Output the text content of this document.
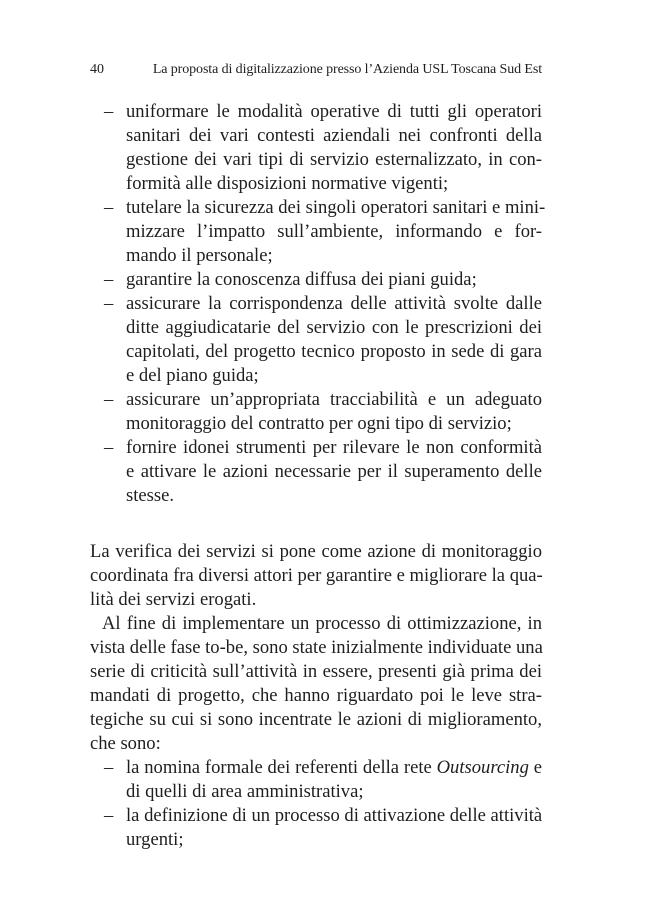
40	La proposta di digitalizzazione presso l’Azienda USL Toscana Sud Est
– uniformare le modalità operative di tutti gli operatori
sanitari dei vari contesti aziendali nei confronti della
gestione dei vari tipi di servizio esternalizzato, in con-
formità alle disposizioni normative vigenti;
– tutelare la sicurezza dei singoli operatori sanitari e mini-
mizzare l’impatto sull’ambiente, informando e for-
mando il personale;
– garantire la conoscenza diffusa dei piani guida;
– assicurare la corrispondenza delle attività svolte dalle
ditte aggiudicatarie del servizio con le prescrizioni dei
capitolati, del progetto tecnico proposto in sede di gara
e del piano guida;
– assicurare un’appropriata tracciabilità e un adeguato
monitoraggio del contratto per ogni tipo di servizio;
– fornire idonei strumenti per rilevare le non conformità
e attivare le azioni necessarie per il superamento delle
stesse.
La verifica dei servizi si pone come azione di monitoraggio
coordinata fra diversi attori per garantire e migliorare la qua-
lità dei servizi erogati.
Al fine di implementare un processo di ottimizzazione, in
vista delle fase to-be, sono state inizialmente individuate una
serie di criticità sull’attività in essere, presenti già prima dei
mandati di progetto, che hanno riguardato poi le leve stra-
tegiche su cui si sono incentrate le azioni di miglioramento,
che sono:
– la nomina formale dei referenti della rete Outsourcing e
di quelli di area amministrativa;
– la definizione di un processo di attivazione delle attività
urgenti;
